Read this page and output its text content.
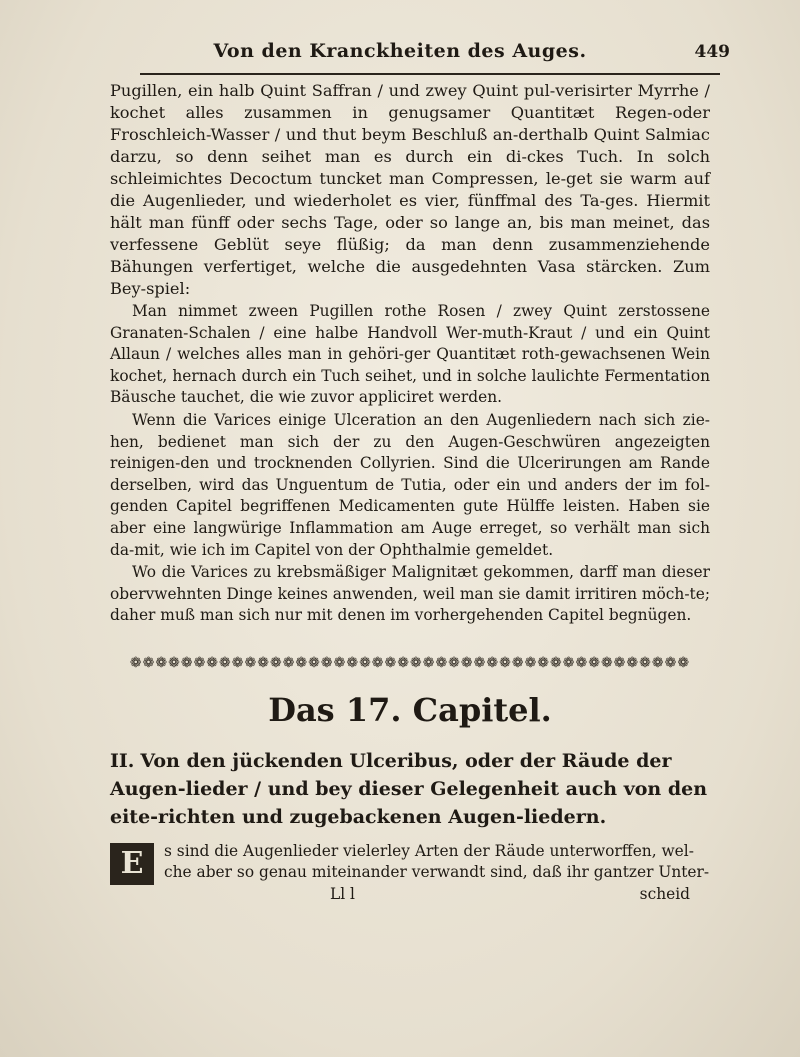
Von den Kranckheiten des Auges.	449

Pugillen, ein halb Quint Saffran / und zwey Quint pul-verisirter Myrrhe / kochet alles zusammen in genugsamer Quantitæt Regen-oder Froschleich-Wasser / und thut beym Beschluß an-derthalb Quint Salmiac darzu, so denn seihet man es durch ein di-ckes Tuch. In solch schleimichtes Decoctum tuncket man Compressen, le-get sie warm auf die Augenlieder, und wiederholet es vier, fünffmal des Ta-ges. Hiermit hält man fünff oder sechs Tage, oder so lange an, bis man meinet, das verfessene Geblüt seye flüßig; da man denn zusammenziehende Bähungen verfertiget, welche die ausgedehnten Vasa stärcken. Zum Bey-spiel:

Man nimmet zween Pugillen rothe Rosen / zwey Quint zerstossene Granaten-Schalen / eine halbe Handvoll Wer-muth-Kraut / und ein Quint Allaun / welches alles man in gehöri-ger Quantitæt roth-gewachsenen Wein kochet, hernach durch ein Tuch seihet, und in solche laulichte Fermentation Bäusche tauchet, die wie zuvor appliciret werden.

Wenn die Varices einige Ulceration an den Augenliedern nach sich zie-hen, bedienet man sich der zu den Augen-Geschwüren angezeigten reinigen-den und trocknenden Collyrien. Sind die Ulcerirungen am Rande derselben, wird das Unguentum de Tutia, oder ein und anders der im fol-genden Capitel begriffenen Medicamenten gute Hülffe leisten. Haben sie aber eine langwürige Inflammation am Auge erreget, so verhält man sich da-mit, wie ich im Capitel von der Ophthalmie gemeldet.

Wo die Varices zu krebsmäßiger Malignitæt gekommen, darff man dieser obervwehnten Dinge keines anwenden, weil man sie damit irritiren möch-te; daher muß man sich nur mit denen im vorhergehenden Capitel begnügen.

❁❁❁❁❁❁❁❁❁❁❁❁❁❁❁❁❁❁❁❁❁❁❁❁❁❁❁❁❁❁❁❁❁❁❁❁❁❁❁❁❁❁❁❁
Das 17. Capitel.
II. Von den jückenden Ulceribus, oder der Räude der Augen-lieder / und bey dieser Gelegenheit auch von den eite-richten und zugebackenen Augen-liedern.
E	s sind die Augenlieder vielerley Arten der Räude unterworffen, wel-che aber so genau miteinander verwandt sind, daß ihr gantzer Unter-
Ll l	scheid
